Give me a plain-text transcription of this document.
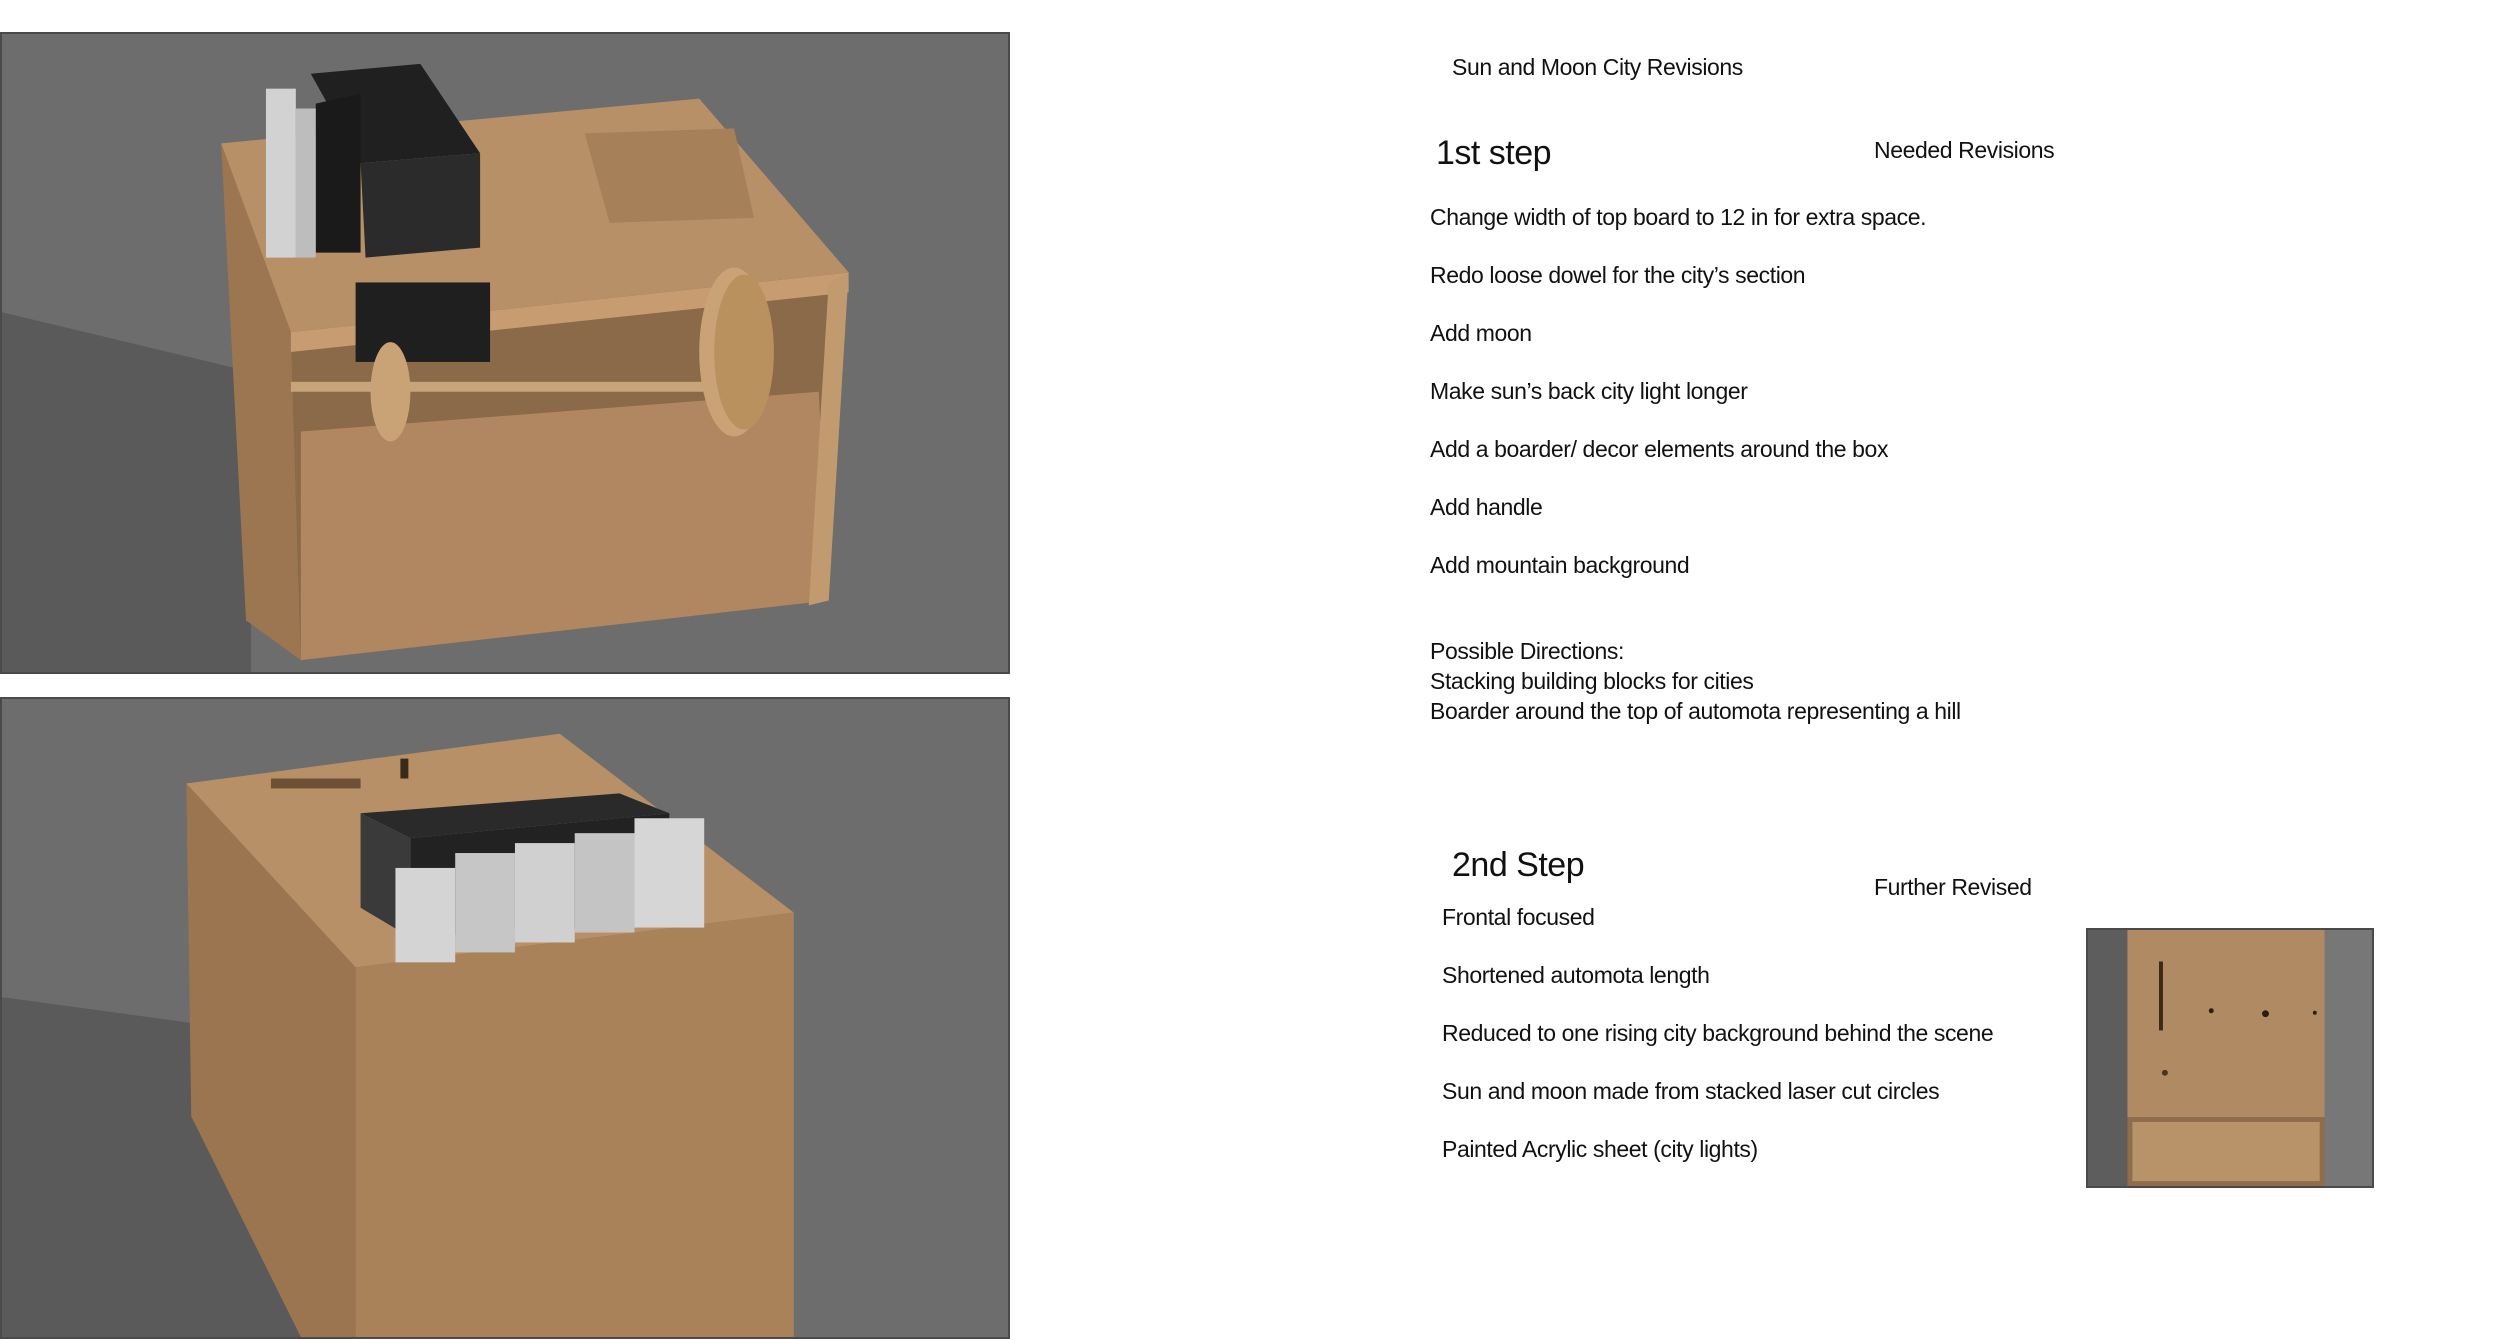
Sun and Moon City Revisions
1st step	Needed Revisions
Change width of top board to 12 in for extra space.
Redo loose dowel for the city’s section
Add moon
Make sun’s back city light longer
Add a boarder/ decor elements around the box
Add handle
Add mountain background
Possible Directions:
Stacking building blocks for cities
Boarder around the top of automota representing a hill
2nd Step
Further Revised
Frontal focused
Shortened automota length
Reduced to one rising city background behind the scene
Sun and moon made from stacked laser cut circles
Painted Acrylic sheet (city lights)
